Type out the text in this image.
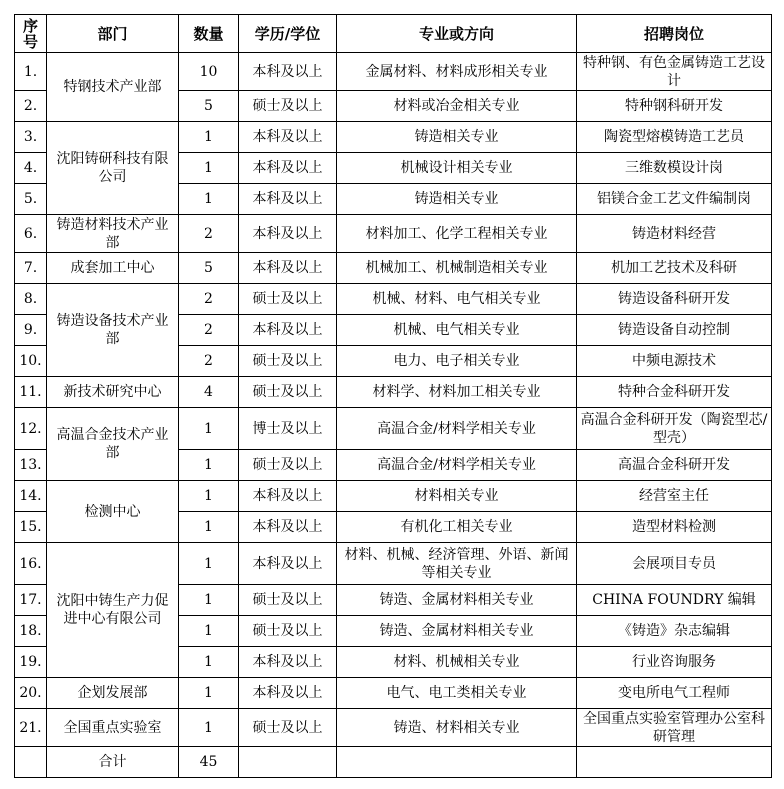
序号	部门	数量	学历/学位	专业或方向	招聘岗位
1.	特钢技术产业部	10	本科及以上	金属材料、材料成形相关专业	特种钢、有色金属铸造工艺设计
2.		5	硕士及以上	材料或冶金相关专业	特种钢科研开发
3.	沈阳铸研科技有限公司	1	本科及以上	铸造相关专业	陶瓷型熔模铸造工艺员
4.		1	本科及以上	机械设计相关专业	三维数模设计岗
5.		1	本科及以上	铸造相关专业	铝镁合金工艺文件编制岗
6.	铸造材料技术产业部	2	本科及以上	材料加工、化学工程相关专业	铸造材料经营
7.	成套加工中心	5	本科及以上	机械加工、机械制造相关专业	机加工艺技术及科研
8.	铸造设备技术产业部	2	硕士及以上	机械、材料、电气相关专业	铸造设备科研开发
9.		2	本科及以上	机械、电气相关专业	铸造设备自动控制
10.		2	硕士及以上	电力、电子相关专业	中频电源技术
11.	新技术研究中心	4	硕士及以上	材料学、材料加工相关专业	特种合金科研开发
12.	高温合金技术产业部	1	博士及以上	高温合金/材料学相关专业	高温合金科研开发（陶瓷型芯/型壳）
13.		1	硕士及以上	高温合金/材料学相关专业	高温合金科研开发
14.	检测中心	1	本科及以上	材料相关专业	经营室主任
15.		1	本科及以上	有机化工相关专业	造型材料检测
16.	沈阳中铸生产力促进中心有限公司	1	本科及以上	材料、机械、经济管理、外语、新闻等相关专业	会展项目专员
17.		1	硕士及以上	铸造、金属材料相关专业	CHINA FOUNDRY 编辑
18.		1	硕士及以上	铸造、金属材料相关专业	《铸造》杂志编辑
19.		1	本科及以上	材料、机械相关专业	行业咨询服务
20.	企划发展部	1	本科及以上	电气、电工类相关专业	变电所电气工程师
21.	全国重点实验室	1	硕士及以上	铸造、材料相关专业	全国重点实验室管理办公室科研管理
	合计	45			
